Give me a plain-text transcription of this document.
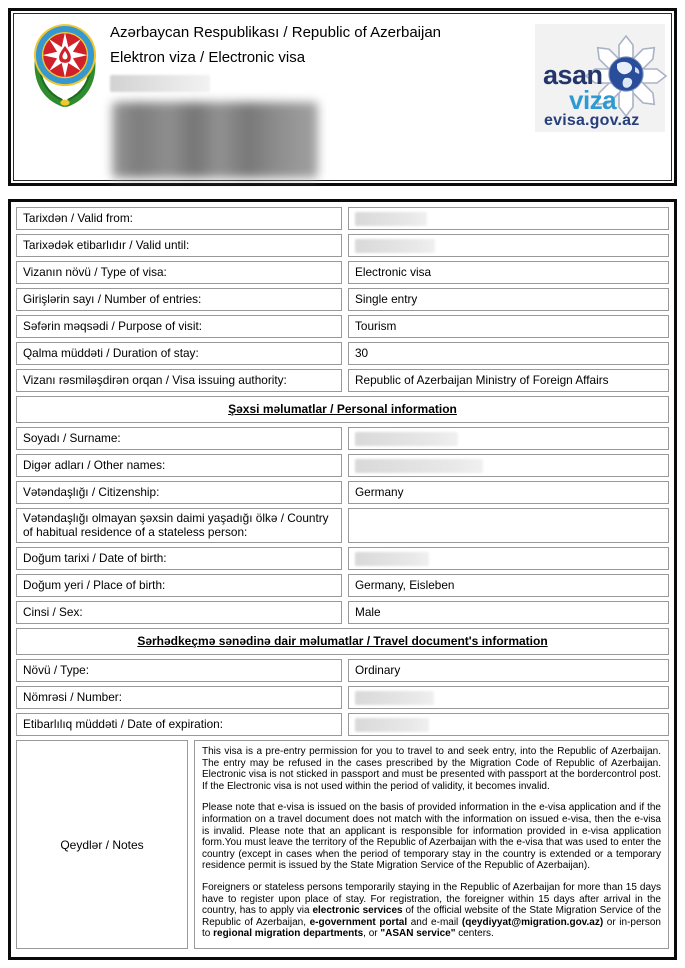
Azərbaycan Respublikası / Republic of Azerbaijan
Elektron viza / Electronic visa
asan
viza
evisa.gov.az
Tarixdən / Valid from:
Tarixədək etibarlıdır / Valid until:
Vizanın növü / Type of visa:	Electronic visa
Girişlərin sayı / Number of entries:	Single entry
Səfərin məqsədi / Purpose of visit:	Tourism
Qalma müddəti / Duration of stay:	30
Vizanı rəsmiləşdirən orqan / Visa issuing authority:	Republic of Azerbaijan Ministry of Foreign Affairs
Şəxsi məlumatlar / Personal information
Soyadı / Surname:
Digər adları / Other names:
Vətəndaşlığı / Citizenship:	Germany
Vətəndaşlığı olmayan şəxsin daimi yaşadığı ölkə / Country of habitual residence of a stateless person:
Doğum tarixi / Date of birth:
Doğum yeri / Place of birth:	Germany, Eisleben
Cinsi / Sex:	Male
Sərhədkeçmə sənədinə dair məlumatlar / Travel document's information
Növü / Type:	Ordinary
Nömrəsi / Number:
Etibarlılıq müddəti / Date of expiration:
Qeydlər / Notes

This visa is a pre-entry permission for you to travel to and seek entry, into the Republic of Azerbaijan. The entry may be refused in the cases prescribed by the Migration Code of Republic of Azerbaijan. Electronic visa is not sticked in passport and must be presented with passport at the bordercontrol post. If the Electronic visa is not used within the period of validity, it becomes invalid.

Please note that e-visa is issued on the basis of provided information in the e-visa application and if the information on a travel document does not match with the information on issued e-visa, then the e-visa is invalid. Please note that an applicant is responsible for information provided in e-visa application form.You must leave the territory of the Republic of Azerbaijan with the e-visa that was used to enter the country (except in cases when the period of temporary stay in the country is extended or a temporary residence permit is issued by the State Migration Service of the Republic of Azerbaijan).

Foreigners or stateless persons temporarily staying in the Republic of Azerbaijan for more than 15 days have to register upon place of stay. For registration, the foreigner within 15 days after arrival in the country, has to apply via electronic services of the official website of the State Migration Service of the Republic of Azerbaijan, e-government portal and e-mail (qeydiyyat@migration.gov.az) or in-person to regional migration departments, or "ASAN service" centers.
